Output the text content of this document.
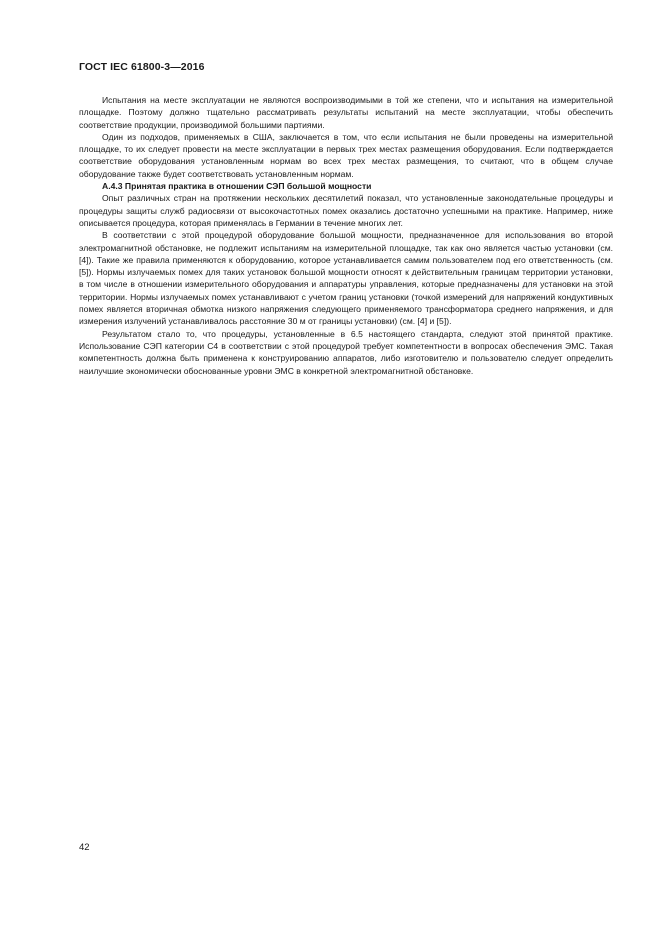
ГОСТ IEC 61800-3—2016

Испытания на месте эксплуатации не являются воспроизводимыми в той же степени, что и испытания на измерительной площадке. Поэтому должно тщательно рассматривать результаты испытаний на месте эксплуатации, чтобы обеспечить соответствие продукции, производимой большими партиями.

Один из подходов, применяемых в США, заключается в том, что если испытания не были проведены на измерительной площадке, то их следует провести на месте эксплуатации в первых трех местах размещения оборудования. Если подтверждается соответствие оборудования установленным нормам во всех трех местах размещения, то считают, что в общем случае оборудование также будет соответствовать установленным нормам.

А.4.3 Принятая практика в отношении СЭП большой мощности

Опыт различных стран на протяжении нескольких десятилетий показал, что установленные законодательные процедуры и процедуры защиты служб радиосвязи от высокочастотных помех оказались достаточно успешными на практике. Например, ниже описывается процедура, которая применялась в Германии в течение многих лет.

В соответствии с этой процедурой оборудование большой мощности, предназначенное для использования во второй электромагнитной обстановке, не подлежит испытаниям на измерительной площадке, так как оно является частью установки (см. [4]). Такие же правила применяются к оборудованию, которое устанавливается самим пользователем под его ответственность (см. [5]). Нормы излучаемых помех для таких установок большой мощности относят к действительным границам территории установки, в том числе в отношении измерительного оборудования и аппаратуры управления, которые предназначены для установки на этой территории. Нормы излучаемых помех устанавливают с учетом границ установки (точкой измерений для напряжений кондуктивных помех является вторичная обмотка низкого напряжения следующего применяемого трансформатора среднего напряжения, и для измерения излучений устанавливалось расстояние 30 м от границы установки) (см. [4] и [5]).

Результатом стало то, что процедуры, установленные в 6.5 настоящего стандарта, следуют этой принятой практике. Использование СЭП категории С4 в соответствии с этой процедурой требует компетентности в вопросах обеспечения ЭМС. Такая компетентность должна быть применена к конструированию аппаратов, либо изготовителю и пользователю следует определить наилучшие экономически обоснованные уровни ЭМС в конкретной электромагнитной обстановке.

42
